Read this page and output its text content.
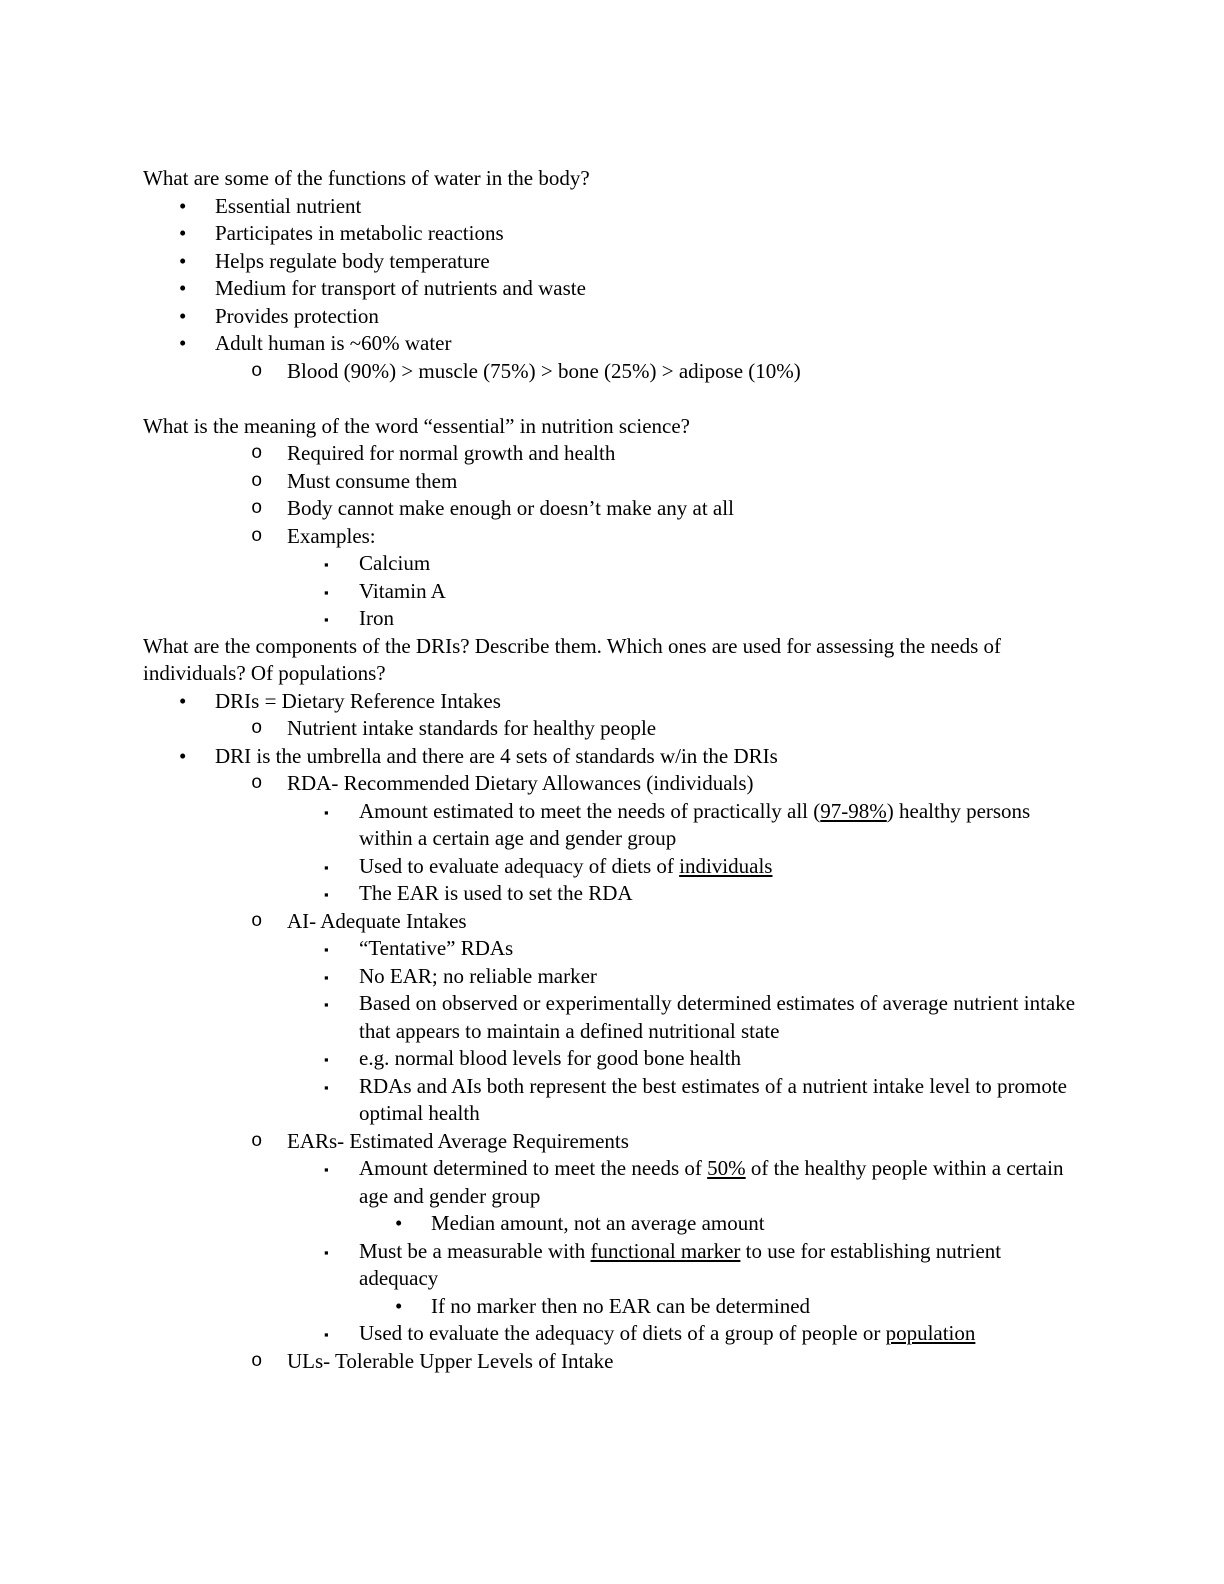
What are some of the functions of water in the body?
• Essential nutrient
• Participates in metabolic reactions
• Helps regulate body temperature
• Medium for transport of nutrients and waste
• Provides protection
• Adult human is ~60% water
o Blood (90%) > muscle (75%) > bone (25%) > adipose (10%)
What is the meaning of the word “essential” in nutrition science?
o Required for normal growth and health
o Must consume them
o Body cannot make enough or doesn’t make any at all
o Examples:
▪ Calcium
▪ Vitamin A
▪ Iron
What are the components of the DRIs? Describe them. Which ones are used for assessing the needs of individuals? Of populations?
• DRIs = Dietary Reference Intakes
o Nutrient intake standards for healthy people
• DRI is the umbrella and there are 4 sets of standards w/in the DRIs
o RDA- Recommended Dietary Allowances (individuals)
▪ Amount estimated to meet the needs of practically all (97-98%) healthy persons within a certain age and gender group
▪ Used to evaluate adequacy of diets of individuals
▪ The EAR is used to set the RDA
o AI- Adequate Intakes
▪ “Tentative” RDAs
▪ No EAR; no reliable marker
▪ Based on observed or experimentally determined estimates of average nutrient intake that appears to maintain a defined nutritional state
▪ e.g. normal blood levels for good bone health
▪ RDAs and AIs both represent the best estimates of a nutrient intake level to promote optimal health
o EARs- Estimated Average Requirements
▪ Amount determined to meet the needs of 50% of the healthy people within a certain age and gender group
• Median amount, not an average amount
▪ Must be a measurable with functional marker to use for establishing nutrient adequacy
• If no marker then no EAR can be determined
▪ Used to evaluate the adequacy of diets of a group of people or population
o ULs- Tolerable Upper Levels of Intake
